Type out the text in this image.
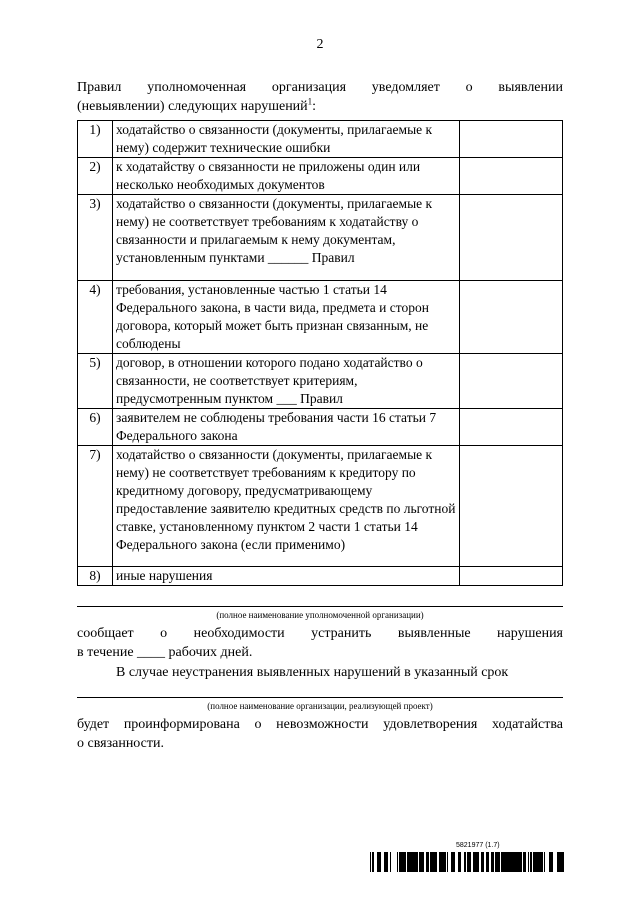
2
Правил уполномоченная организация уведомляет о выявлении
(невыявлении) следующих нарушений$^1$:
1)	ходатайство о связанности (документы, прилагаемые к нему) содержит технические ошибки	
2)	к ходатайству о связанности не приложены один или несколько необходимых документов	
3)	ходатайство о связанности (документы, прилагаемые к нему) не соответствует требованиям к ходатайству о связанности и прилагаемым к нему документам, установленным пунктами ______ Правил	
4)	требования, установленные частью 1 статьи 14 Федерального закона, в части вида, предмета и сторон договора, который может быть признан связанным, не соблюдены	
5)	договор, в отношении которого подано ходатайство о связанности, не соответствует критериям, предусмотренным пунктом ___ Правил	
6)	заявителем не соблюдены требования части 16 статьи 7 Федерального закона	
7)	ходатайство о связанности (документы, прилагаемые к нему) не соответствует требованиям к кредитору по кредитному договору, предусматривающему предоставление заявителю кредитных средств по льготной ставке, установленному пунктом 2 части 1 статьи 14 Федерального закона (если применимо)	
8)	иные нарушения	
(полное наименование уполномоченной организации)
сообщает о необходимости устранить выявленные нарушения
в течение ____ рабочих дней.
В случае неустранения выявленных нарушений в указанный срок
(полное наименование организации, реализующей проект)
будет проинформирована о невозможности удовлетворения ходатайства
о связанности.
5821977 (1.7)
